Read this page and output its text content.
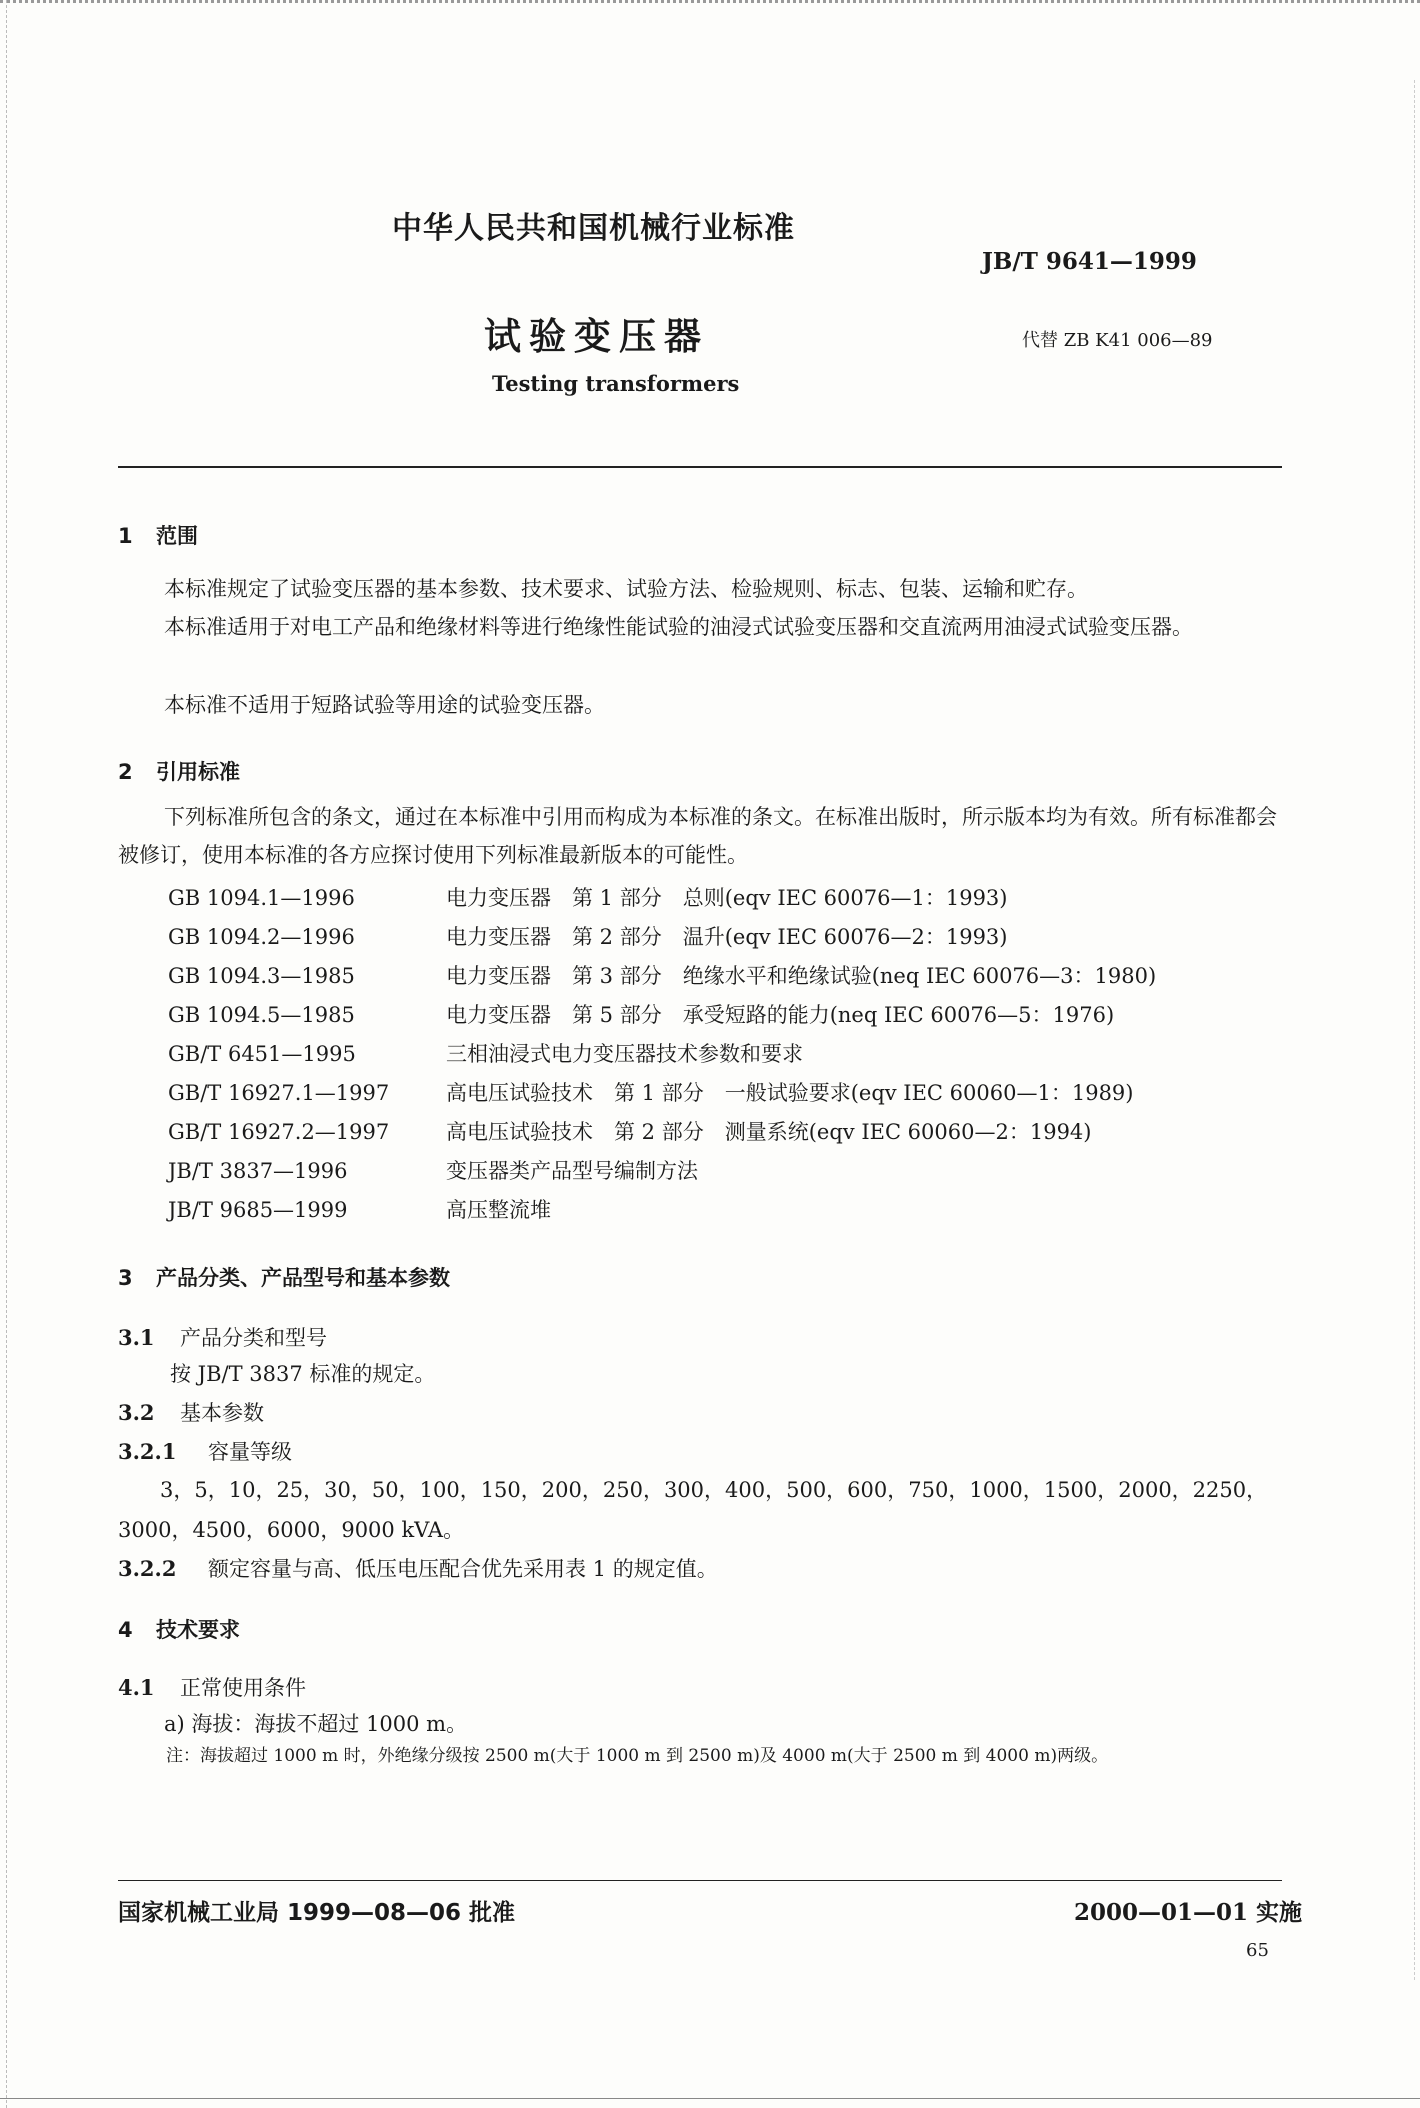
中华人民共和国机械行业标准
JB/T 9641—1999
试验变压器	代替 ZB K41 006—89
Testing transformers
1 范围
本标准规定了试验变压器的基本参数、技术要求、试验方法、检验规则、标志、包装、运输和贮存。
本标准适用于对电工产品和绝缘材料等进行绝缘性能试验的油浸式试验变压器和交直流两用油浸式试验变压器。
本标准不适用于短路试验等用途的试验变压器。
2 引用标准
下列标准所包含的条文，通过在本标准中引用而构成为本标准的条文。在标准出版时，所示版本均为有效。所有标准都会被修订，使用本标准的各方应探讨使用下列标准最新版本的可能性。
GB 1094.1—1996	电力变压器　第 1 部分　总则(eqv IEC 60076—1：1993)
GB 1094.2—1996	电力变压器　第 2 部分　温升(eqv IEC 60076—2：1993)
GB 1094.3—1985	电力变压器　第 3 部分　绝缘水平和绝缘试验(neq IEC 60076—3：1980)
GB 1094.5—1985	电力变压器　第 5 部分　承受短路的能力(neq IEC 60076—5：1976)
GB/T 6451—1995	三相油浸式电力变压器技术参数和要求
GB/T 16927.1—1997	高电压试验技术　第 1 部分　一般试验要求(eqv IEC 60060—1：1989)
GB/T 16927.2—1997	高电压试验技术　第 2 部分　测量系统(eqv IEC 60060—2：1994)
JB/T 3837—1996	变压器类产品型号编制方法
JB/T 9685—1999	高压整流堆
3 产品分类、产品型号和基本参数
3.1 产品分类和型号
按 JB/T 3837 标准的规定。
3.2 基本参数
3.2.1 容量等级
3，5，10，25，30，50，100，150，200，250，300，400，500，600，750，1000，1500，2000，2250，
3000，4500，6000，9000 kVA。
3.2.2 额定容量与高、低压电压配合优先采用表 1 的规定值。
4 技术要求
4.1 正常使用条件
a) 海拔：海拔不超过 1000 m。
注：海拔超过 1000 m 时，外绝缘分级按 2500 m(大于 1000 m 到 2500 m)及 4000 m(大于 2500 m 到 4000 m)两级。
国家机械工业局 1999—08—06 批准	2000—01—01 实施
65
